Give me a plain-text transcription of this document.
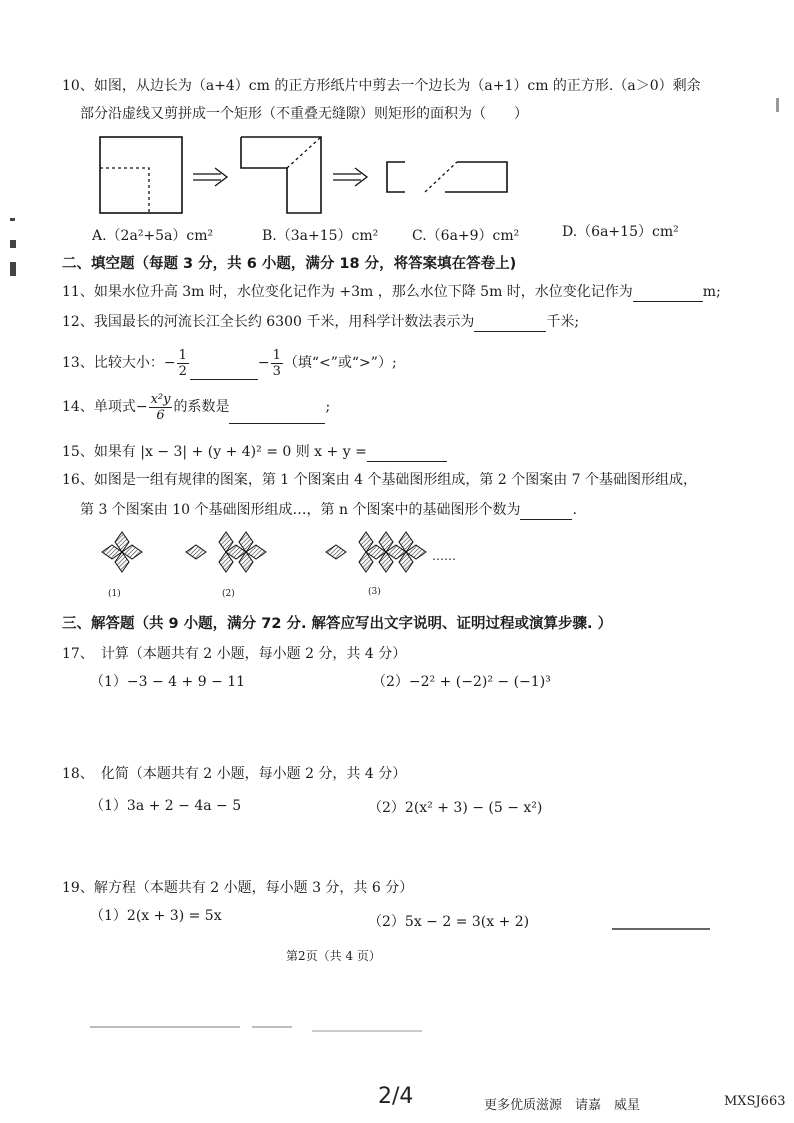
10、如图，从边长为（a+4）cm 的正方形纸片中剪去一个边长为（a+1）cm 的正方形.（a＞0）剩余
部分沿虚线又剪拼成一个矩形（不重叠无缝隙）则矩形的面积为（　　）
A.（2a²+5a）cm²	B.（3a+15）cm² C.（6a+9）cm²	D.（6a+15）cm²
二、填空题（每题 3 分，共 6 小题，满分 18 分，将答案填在答卷上)
11、如果水位升高 3m 时，水位变化记作为 +3m ，那么水位下降 5m 时，水位变化记作为	m;
12、我国最长的河流长江全长约 6300 千米，用科学计数法表示为	千米;
13、比较大小：− $\frac{1}{2}$	− $\frac{1}{3}$ （填“<”或“>”）;
14、单项式− $\frac{\text{x²y}}{6}$ 的系数是	;
15、如果有 |x − 3| + (y + 4)² = 0 则 x + y =
16、如图是一组有规律的图案，第 1 个图案由 4 个基础图形组成，第 2 个图案由 7 个基础图形组成，
第 3 个图案由 10 个基础图形组成…，第 n 个图案中的基础图形个数为	.
……
(1)	(2)	(3)
三、解答题（共 9 小题，满分 72 分. 解答应写出文字说明、证明过程或演算步骤. ）
17、　计算（本题共有 2 小题，每小题 2 分，共 4 分）
（1）−3 − 4 + 9 − 11	（2）−2² + (−2)² − (−1)³
18、　化简（本题共有 2 小题，每小题 2 分，共 4 分）
（1）3a + 2 − 4a − 5	（2）2(x² + 3) − (5 − x²)
19、解方程（本题共有 2 小题，每小题 3 分，共 6 分）
（1）2(x + 3) = 5x	（2）5x − 2 = 3(x + 2)
第2页（共 4 页）
2/4	更多优质滋源　请嘉　威星	MXSJ663
